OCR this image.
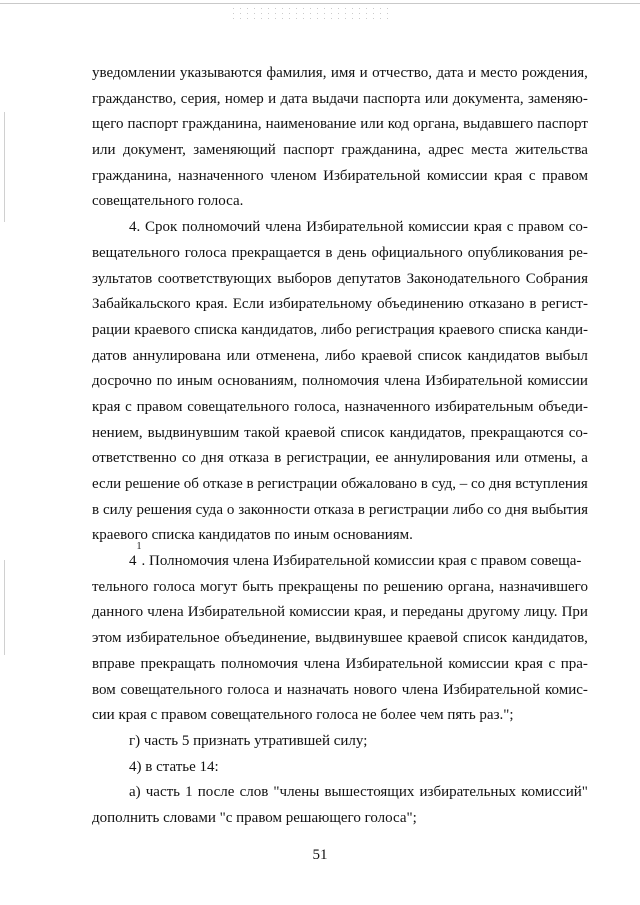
уведомлении указываются фамилия, имя и отчество, дата и место рождения,
гражданство, серия, номер и дата выдачи паспорта или документа, заменяю-
щего паспорт гражданина, наименование или код органа, выдавшего паспорт
или документ, заменяющий паспорт гражданина, адрес места жительства
гражданина, назначенного членом Избирательной комиссии края с правом
совещательного голоса.
4. Срок полномочий члена Избирательной комиссии края с правом со-
вещательного голоса прекращается в день официального опубликования ре-
зультатов соответствующих выборов депутатов Законодательного Собрания
Забайкальского края. Если избирательному объединению отказано в регист-
рации краевого списка кандидатов, либо регистрация краевого списка канди-
датов аннулирована или отменена, либо краевой список кандидатов выбыл
досрочно по иным основаниям, полномочия члена Избирательной комиссии
края с правом совещательного голоса, назначенного избирательным объеди-
нением, выдвинувшим такой краевой список кандидатов, прекращаются со-
ответственно со дня отказа в регистрации, ее аннулирования или отмены, а
если решение об отказе в регистрации обжаловано в суд, – со дня вступления
в силу решения суда о законности отказа в регистрации либо со дня выбытия
краевого списка кандидатов по иным основаниям.
4
$^1$
. Полномочия члена Избирательной комиссии края с правом совеща-
тельного голоса могут быть прекращены по решению органа, назначившего
данного члена Избирательной комиссии края, и переданы другому лицу. При
этом избирательное объединение, выдвинувшее краевой список кандидатов,
вправе прекращать полномочия члена Избирательной комиссии края с пра-
вом совещательного голоса и назначать нового члена Избирательной комис-
сии края с правом совещательного голоса не более чем пять раз.";
г) часть 5 признать утратившей силу;
4) в статье 14:
а) часть 1 после слов "члены вышестоящих избирательных комиссий"
дополнить словами "с правом решающего голоса";
51
